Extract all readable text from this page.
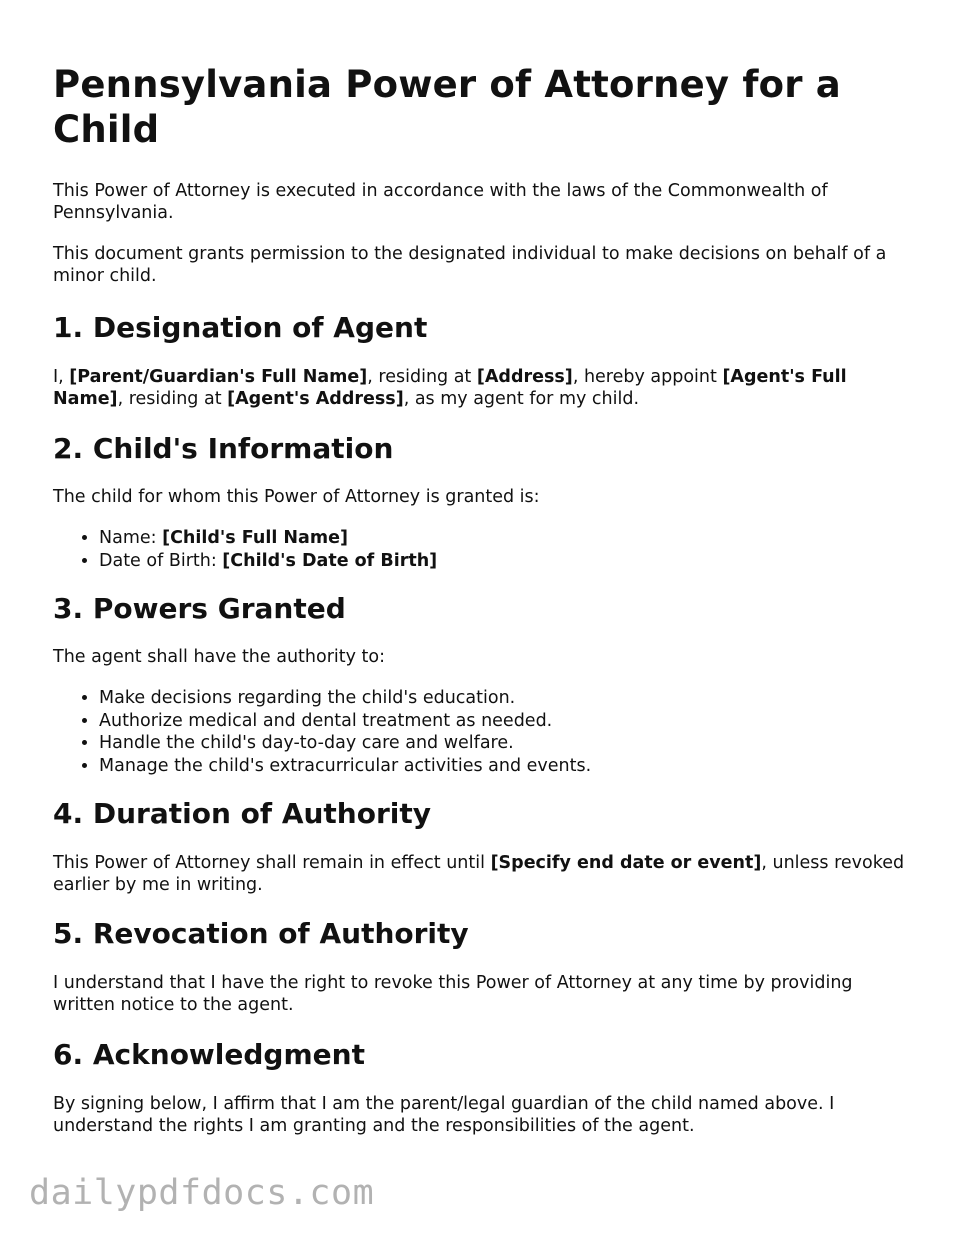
Pennsylvania Power of Attorney for a Child

This Power of Attorney is executed in accordance with the laws of the Commonwealth of Pennsylvania.

This document grants permission to the designated individual to make decisions on behalf of a minor child.

1. Designation of Agent

I, [Parent/Guardian's Full Name], residing at [Address], hereby appoint [Agent's Full Name], residing at [Agent's Address], as my agent for my child.

2. Child's Information

The child for whom this Power of Attorney is granted is:

• Name: [Child's Full Name]
• Date of Birth: [Child's Date of Birth]
3. Powers Granted

The agent shall have the authority to:

• Make decisions regarding the child's education.
• Authorize medical and dental treatment as needed.
• Handle the child's day-to-day care and welfare.
• Manage the child's extracurricular activities and events.
4. Duration of Authority

This Power of Attorney shall remain in effect until [Specify end date or event], unless revoked earlier by me in writing.

5. Revocation of Authority

I understand that I have the right to revoke this Power of Attorney at any time by providing written notice to the agent.

6. Acknowledgment

By signing below, I affirm that I am the parent/legal guardian of the child named above. I understand the rights I am granting and the responsibilities of the agent.

dailypdfdocs.com
